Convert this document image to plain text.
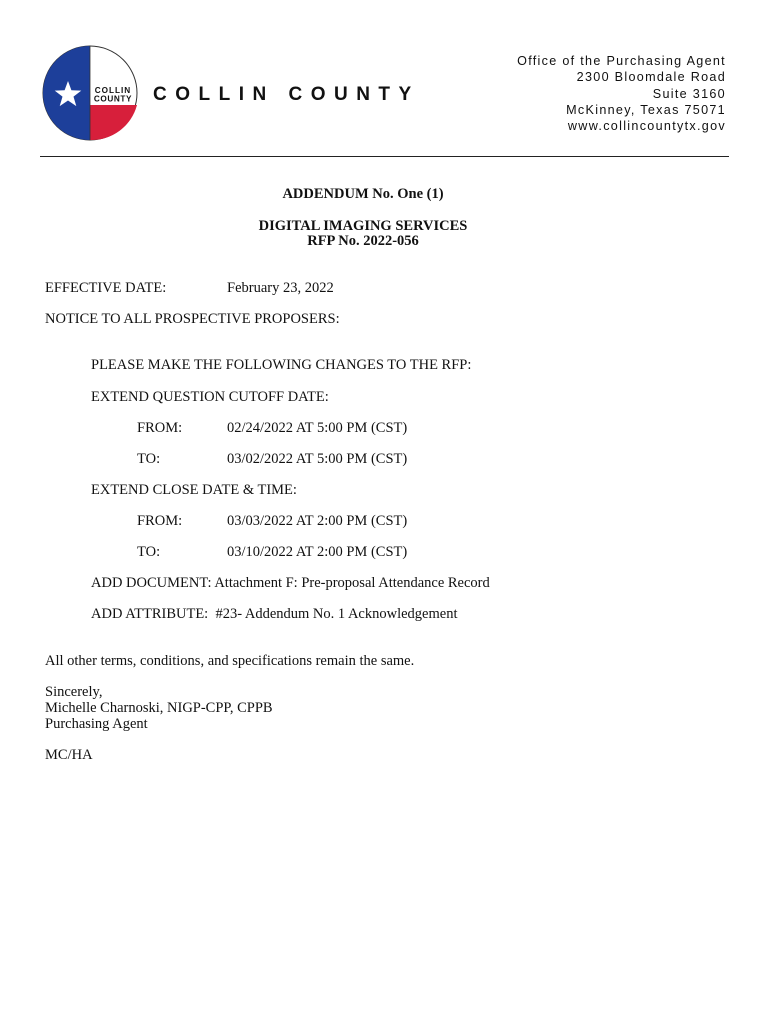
COLLIN
COUNTY COLLIN COUNTY
Office of the Purchasing Agent
2300 Bloomdale Road
Suite 3160
McKinney, Texas 75071
www.collincountytx.gov
ADDENDUM No. One (1)
DIGITAL IMAGING SERVICES
RFP No. 2022-056
EFFECTIVE DATE:	February 23, 2022
NOTICE TO ALL PROSPECTIVE PROPOSERS:
PLEASE MAKE THE FOLLOWING CHANGES TO THE RFP:
EXTEND QUESTION CUTOFF DATE:
FROM:	02/24/2022 AT 5:00 PM (CST)
TO:	03/02/2022 AT 5:00 PM (CST)
EXTEND CLOSE DATE & TIME:
FROM:	03/03/2022 AT 2:00 PM (CST)
TO:	03/10/2022 AT 2:00 PM (CST)
ADD DOCUMENT: Attachment F: Pre-proposal Attendance Record
ADD ATTRIBUTE:  #23- Addendum No. 1 Acknowledgement
All other terms, conditions, and specifications remain the same.
Sincerely,
Michelle Charnoski, NIGP-CPP, CPPB
Purchasing Agent
MC/HA
